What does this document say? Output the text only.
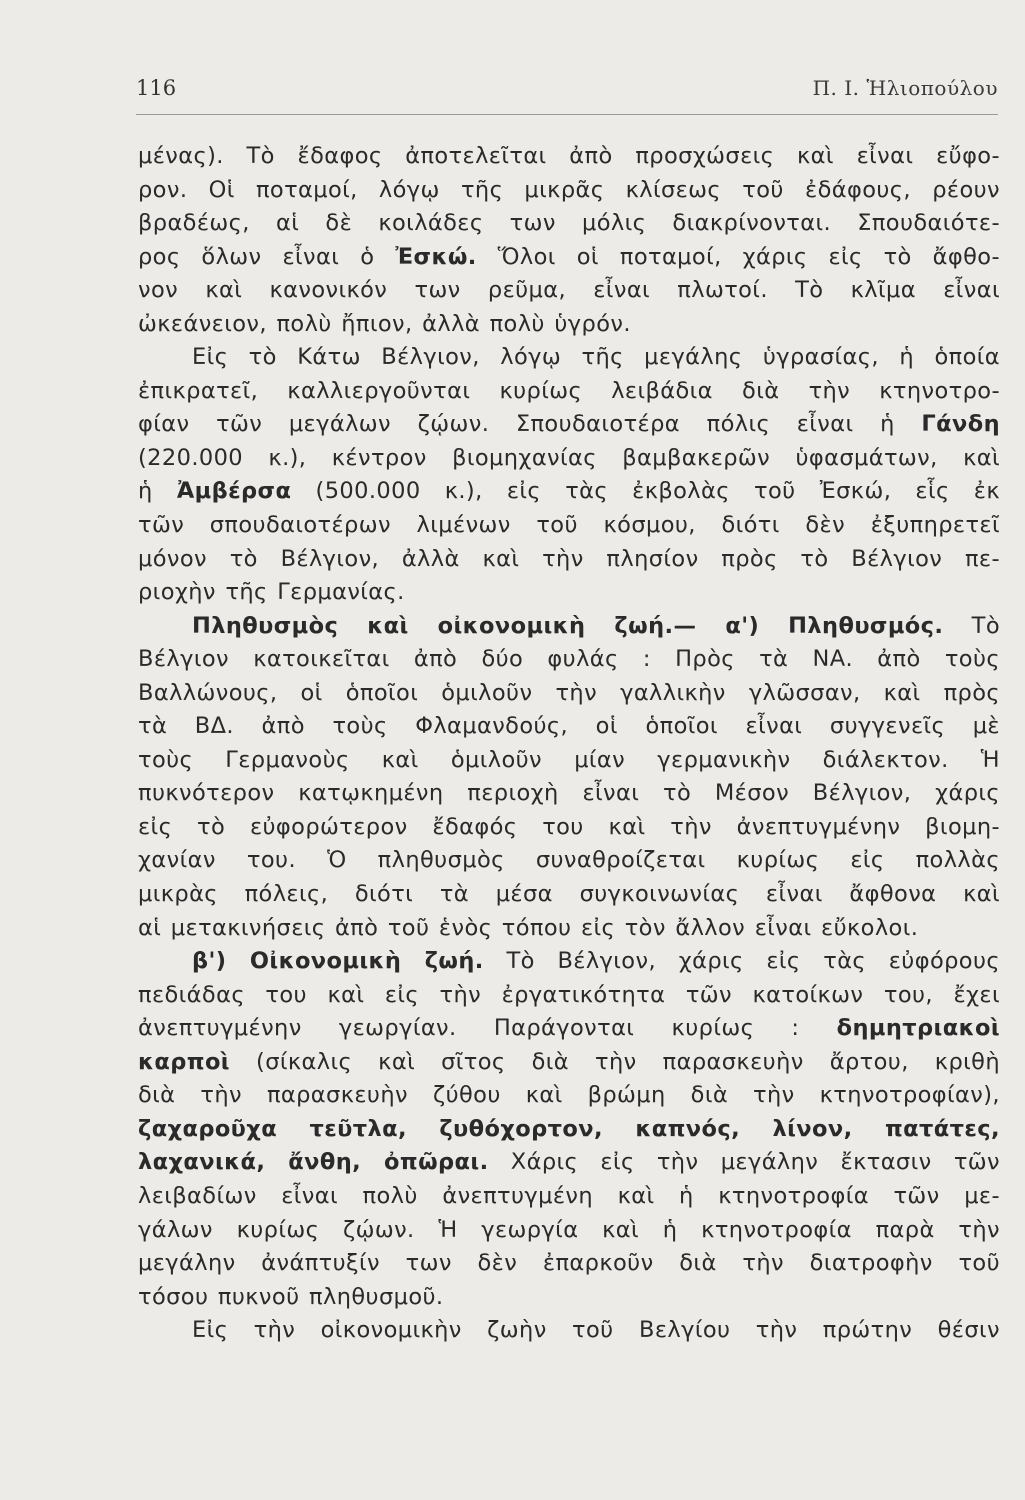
116	Π. Ι. Ἡλιοπούλου
μένας). Τὸ ἔδαφος ἀποτελεῖται ἀπὸ προσχώσεις καὶ εἶναι εὔφο-
ρον. Οἱ ποταμοί, λόγῳ τῆς μικρᾶς κλίσεως τοῦ ἐδάφους, ρέουν
βραδέως, αἱ δὲ κοιλάδες των μόλις διακρίνονται. Σπουδαιότε-
ρος ὅλων εἶναι ὁ Ἐσκώ. Ὅλοι οἱ ποταμοί, χάρις εἰς τὸ ἄφθο-
νον καὶ κανονικόν των ρεῦμα, εἶναι πλωτοί. Τὸ κλῖμα εἶναι
ὠκεάνειον, πολὺ ἤπιον, ἀλλὰ πολὺ ὑγρόν.
Εἰς τὸ Κάτω Βέλγιον, λόγῳ τῆς μεγάλης ὑγρασίας, ἡ ὁποία
ἐπικρατεῖ, καλλιεργοῦνται κυρίως λειβάδια διὰ τὴν κτηνοτρο-
φίαν τῶν μεγάλων ζῴων. Σπουδαιοτέρα πόλις εἶναι ἡ Γάνδη
(220.000 κ.), κέντρον βιομηχανίας βαμβακερῶν ὑφασμάτων, καὶ
ἡ Ἀμβέρσα (500.000 κ.), εἰς τὰς ἐκβολὰς τοῦ Ἐσκώ, εἷς ἐκ
τῶν σπουδαιοτέρων λιμένων τοῦ κόσμου, διότι δὲν ἐξυπηρετεῖ
μόνον τὸ Βέλγιον, ἀλλὰ καὶ τὴν πλησίον πρὸς τὸ Βέλγιον πε-
ριοχὴν τῆς Γερμανίας.
Πληθυσμὸς καὶ οἰκονομικὴ ζωή.— α') Πληθυσμός. Τὸ
Βέλγιον κατοικεῖται ἀπὸ δύο φυλάς : Πρὸς τὰ ΝΑ. ἀπὸ τοὺς
Βαλλώνους, οἱ ὁποῖοι ὁμιλοῦν τὴν γαλλικὴν γλῶσσαν, καὶ πρὸς
τὰ ΒΔ. ἀπὸ τοὺς Φλαμανδούς, οἱ ὁποῖοι εἶναι συγγενεῖς μὲ
τοὺς Γερμανοὺς καὶ ὁμιλοῦν μίαν γερμανικὴν διάλεκτον. Ἡ
πυκνότερον κατῳκημένη περιοχὴ εἶναι τὸ Μέσον Βέλγιον, χάρις
εἰς τὸ εὐφορώτερον ἔδαφός του καὶ τὴν ἀνεπτυγμένην βιομη-
χανίαν του. Ὁ πληθυσμὸς συναθροίζεται κυρίως εἰς πολλὰς
μικρὰς πόλεις, διότι τὰ μέσα συγκοινωνίας εἶναι ἄφθονα καὶ
αἱ μετακινήσεις ἀπὸ τοῦ ἑνὸς τόπου εἰς τὸν ἄλλον εἶναι εὔκολοι.
β') Οἰκονομικὴ ζωή. Τὸ Βέλγιον, χάρις εἰς τὰς εὐφόρους
πεδιάδας του καὶ εἰς τὴν ἐργατικότητα τῶν κατοίκων του, ἔχει
ἀνεπτυγμένην γεωργίαν. Παράγονται κυρίως : δημητριακοὶ
καρποὶ (σίκαλις καὶ σῖτος διὰ τὴν παρασκευὴν ἄρτου, κριθὴ
διὰ τὴν παρασκευὴν ζύθου καὶ βρώμη διὰ τὴν κτηνοτροφίαν),
ζαχαροῦχα τεῦτλα, ζυθόχορτον, καπνός, λίνον, πατάτες,
λαχανικά, ἄνθη, ὀπῶραι. Χάρις εἰς τὴν μεγάλην ἔκτασιν τῶν
λειβαδίων εἶναι πολὺ ἀνεπτυγμένη καὶ ἡ κτηνοτροφία τῶν με-
γάλων κυρίως ζῴων. Ἡ γεωργία καὶ ἡ κτηνοτροφία παρὰ τὴν
μεγάλην ἀνάπτυξίν των δὲν ἐπαρκοῦν διὰ τὴν διατροφὴν τοῦ
τόσου πυκνοῦ πληθυσμοῦ.
Εἰς τὴν οἰκονομικὴν ζωὴν τοῦ Βελγίου τὴν πρώτην θέσιν
